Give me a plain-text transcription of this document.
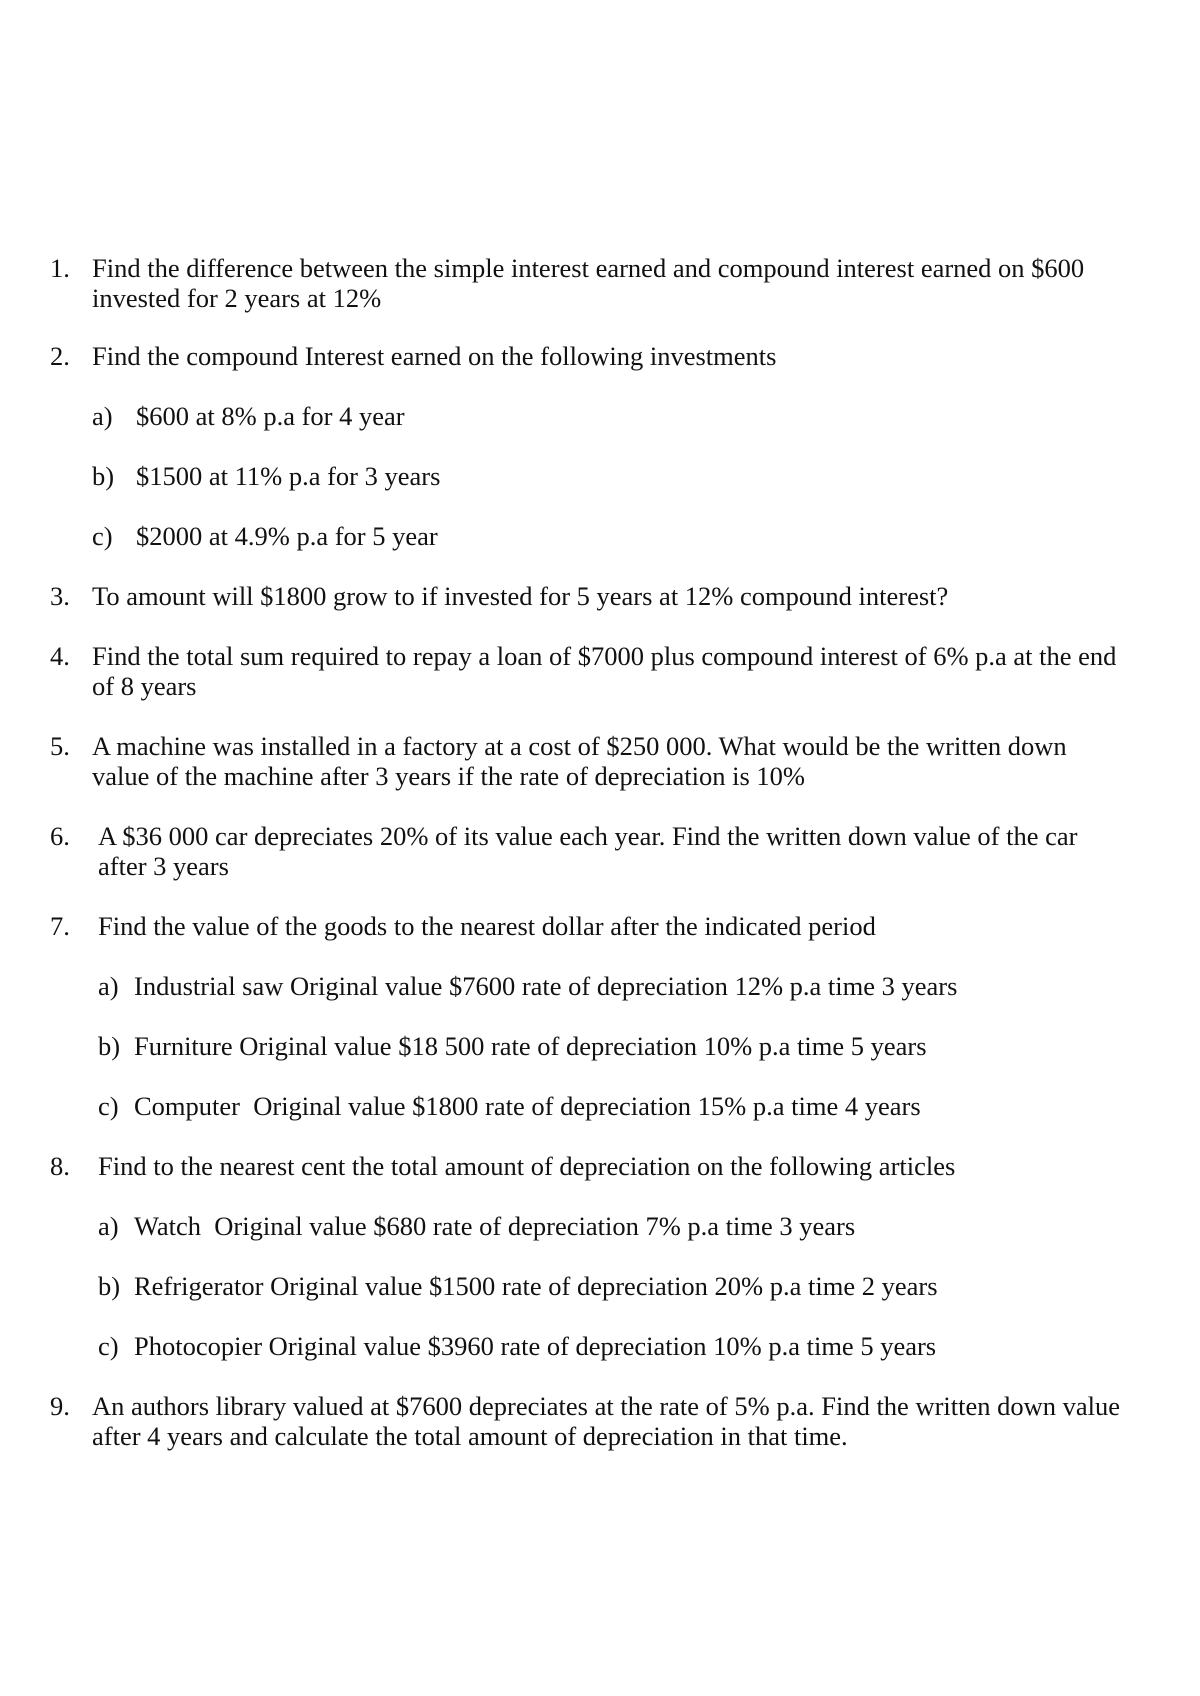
1. Find the difference between the simple interest earned and compound interest earned on $600 invested for 2 years at 12%
2. Find the compound Interest earned on the following investments
a) $600 at 8% p.a for 4 year
b) $1500 at 11% p.a for 3 years
c) $2000 at 4.9% p.a for 5 year
3. To amount will $1800 grow to if invested for 5 years at 12% compound interest?
4. Find the total sum required to repay a loan of $7000 plus compound interest of 6% p.a at the end of 8 years
5. A machine was installed in a factory at a cost of $250 000. What would be the written down value of the machine after 3 years if the rate of depreciation is 10%
6.	A $36 000 car depreciates 20% of its value each year. Find the written down value of the car after 3 years
7.	Find the value of the goods to the nearest dollar after the indicated period
a) Industrial saw Original value $7600 rate of depreciation 12% p.a time 3 years
b) Furniture Original value $18 500 rate of depreciation 10% p.a time 5 years
c) Computer  Original value $1800 rate of depreciation 15% p.a time 4 years
8.	Find to the nearest cent the total amount of depreciation on the following articles
a) Watch  Original value $680 rate of depreciation 7% p.a time 3 years
b) Refrigerator Original value $1500 rate of depreciation 20% p.a time 2 years
c) Photocopier Original value $3960 rate of depreciation 10% p.a time 5 years
9. An authors library valued at $7600 depreciates at the rate of 5% p.a. Find the written down value after 4 years and calculate the total amount of depreciation in that time.
